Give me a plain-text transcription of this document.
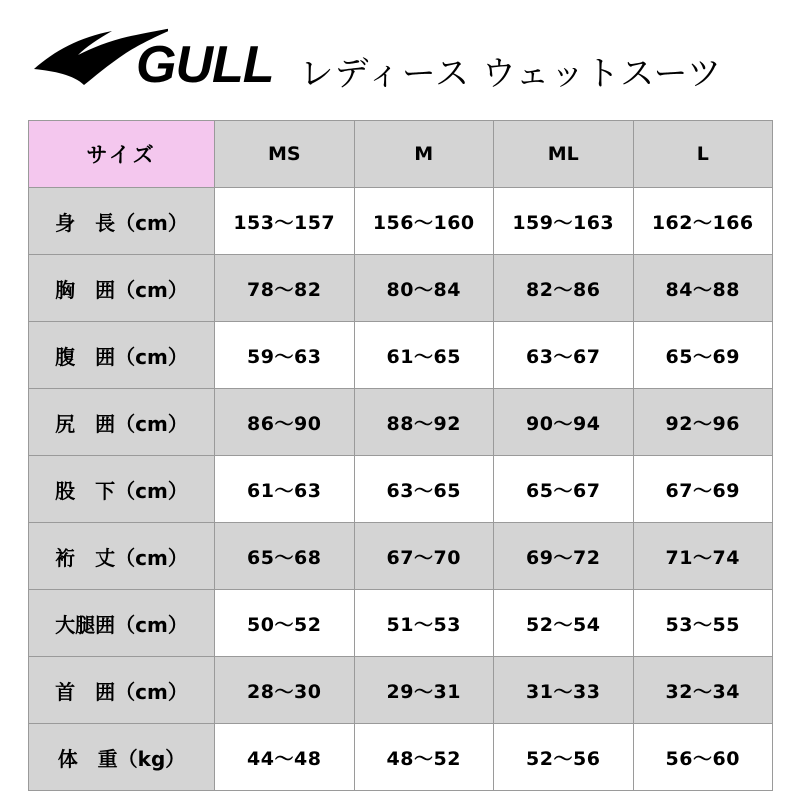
GULL レディース ウェットスーツ
サイズ	MS	M	ML	L
身　長（cm）	153〜157	156〜160	159〜163	162〜166
胸　囲（cm）	78〜82	80〜84	82〜86	84〜88
腹　囲（cm）	59〜63	61〜65	63〜67	65〜69
尻　囲（cm）	86〜90	88〜92	90〜94	92〜96
股　下（cm）	61〜63	63〜65	65〜67	67〜69
裄　丈（cm）	65〜68	67〜70	69〜72	71〜74
大腿囲（cm）	50〜52	51〜53	52〜54	53〜55
首　囲（cm）	28〜30	29〜31	31〜33	32〜34
体　重（kg）	44〜48	48〜52	52〜56	56〜60
